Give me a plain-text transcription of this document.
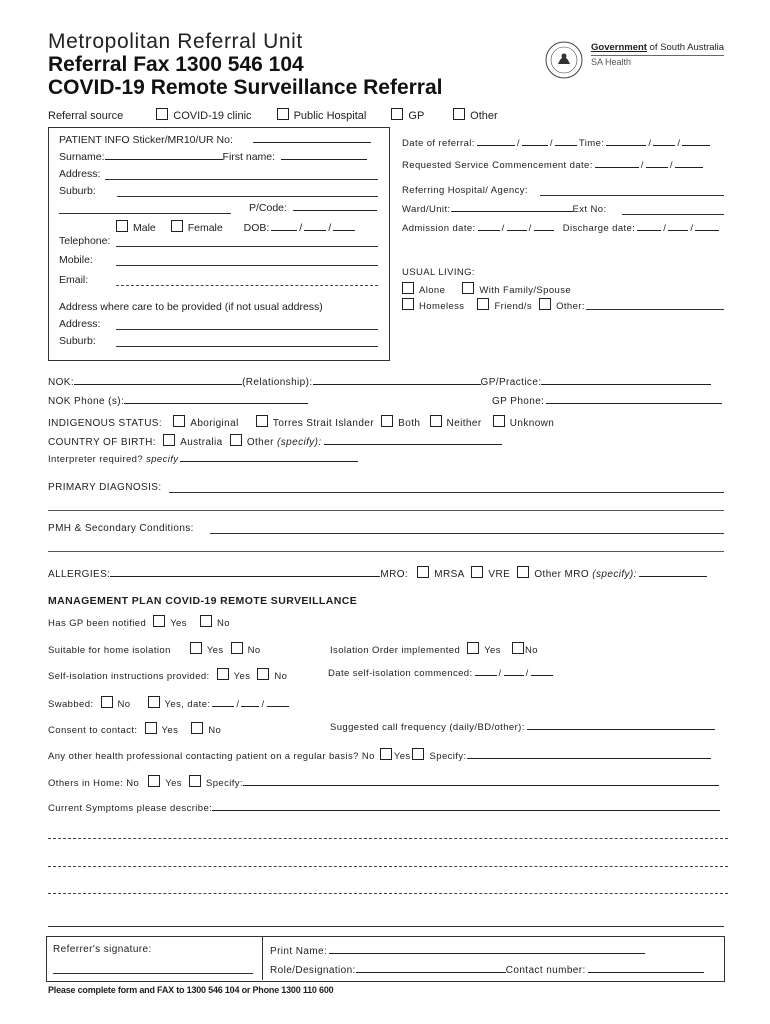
Metropolitan Referral Unit
Referral Fax 1300 546 104
COVID-19 Remote Surveillance Referral
Government of South Australia
SA Health
Referral source	COVID-19 clinic	Public Hospital	GP	Other
PATIENT INFO Sticker/MR10/UR No:
Surname:	First name:
Address:
Suburb:
P/Code:
Male	Female DOB:	/ /
Telephone:
Mobile:
Email:
Address where care to be provided (if not usual address)
Address:
Suburb:
Date of referral:	/	/	Time:	/	/
Requested Service Commencement date:	/	/
Referring Hospital/ Agency:
Ward/Unit:	Ext No:
Admission date:	/	/	Discharge date:	/	/
USUAL LIVING:
Alone	With Family/Spouse
Homeless	Friend/s	Other:
NOK:	(Relationship):	GP/Practice:
NOK Phone (s):	GP Phone:
INDIGENOUS STATUS:	Aboriginal	Torres Strait Islander Both	Neither	Unknown
COUNTRY OF BIRTH: Australia Other (specify):
Interpreter required? specify
PRIMARY DIAGNOSIS:
PMH & Secondary Conditions:
ALLERGIES:	MRO:	MRSA VRE Other MRO (specify):
MANAGEMENT PLAN COVID-19 REMOTE SURVEILLANCE
Has GP been notified	Yes	No
Suitable for home isolation	Yes	No	Isolation Order implemented	Yes	No
Self-isolation instructions provided:	Yes	No	Date self-isolation commenced:	/	/
Swabbed:	No	Yes, date:	/ /
Consent to contact:	Yes	No	Suggested call frequency (daily/BD/other):
Any other health professional contacting patient on a regular basis? No Yes Specify:
Others in Home: No	Yes	Specify:
Current Symptoms please describe:
Referrer's signature:	Print Name:
Role/Designation:	Contact number:
Please complete form and FAX to 1300 546 104 or Phone 1300 110 600
